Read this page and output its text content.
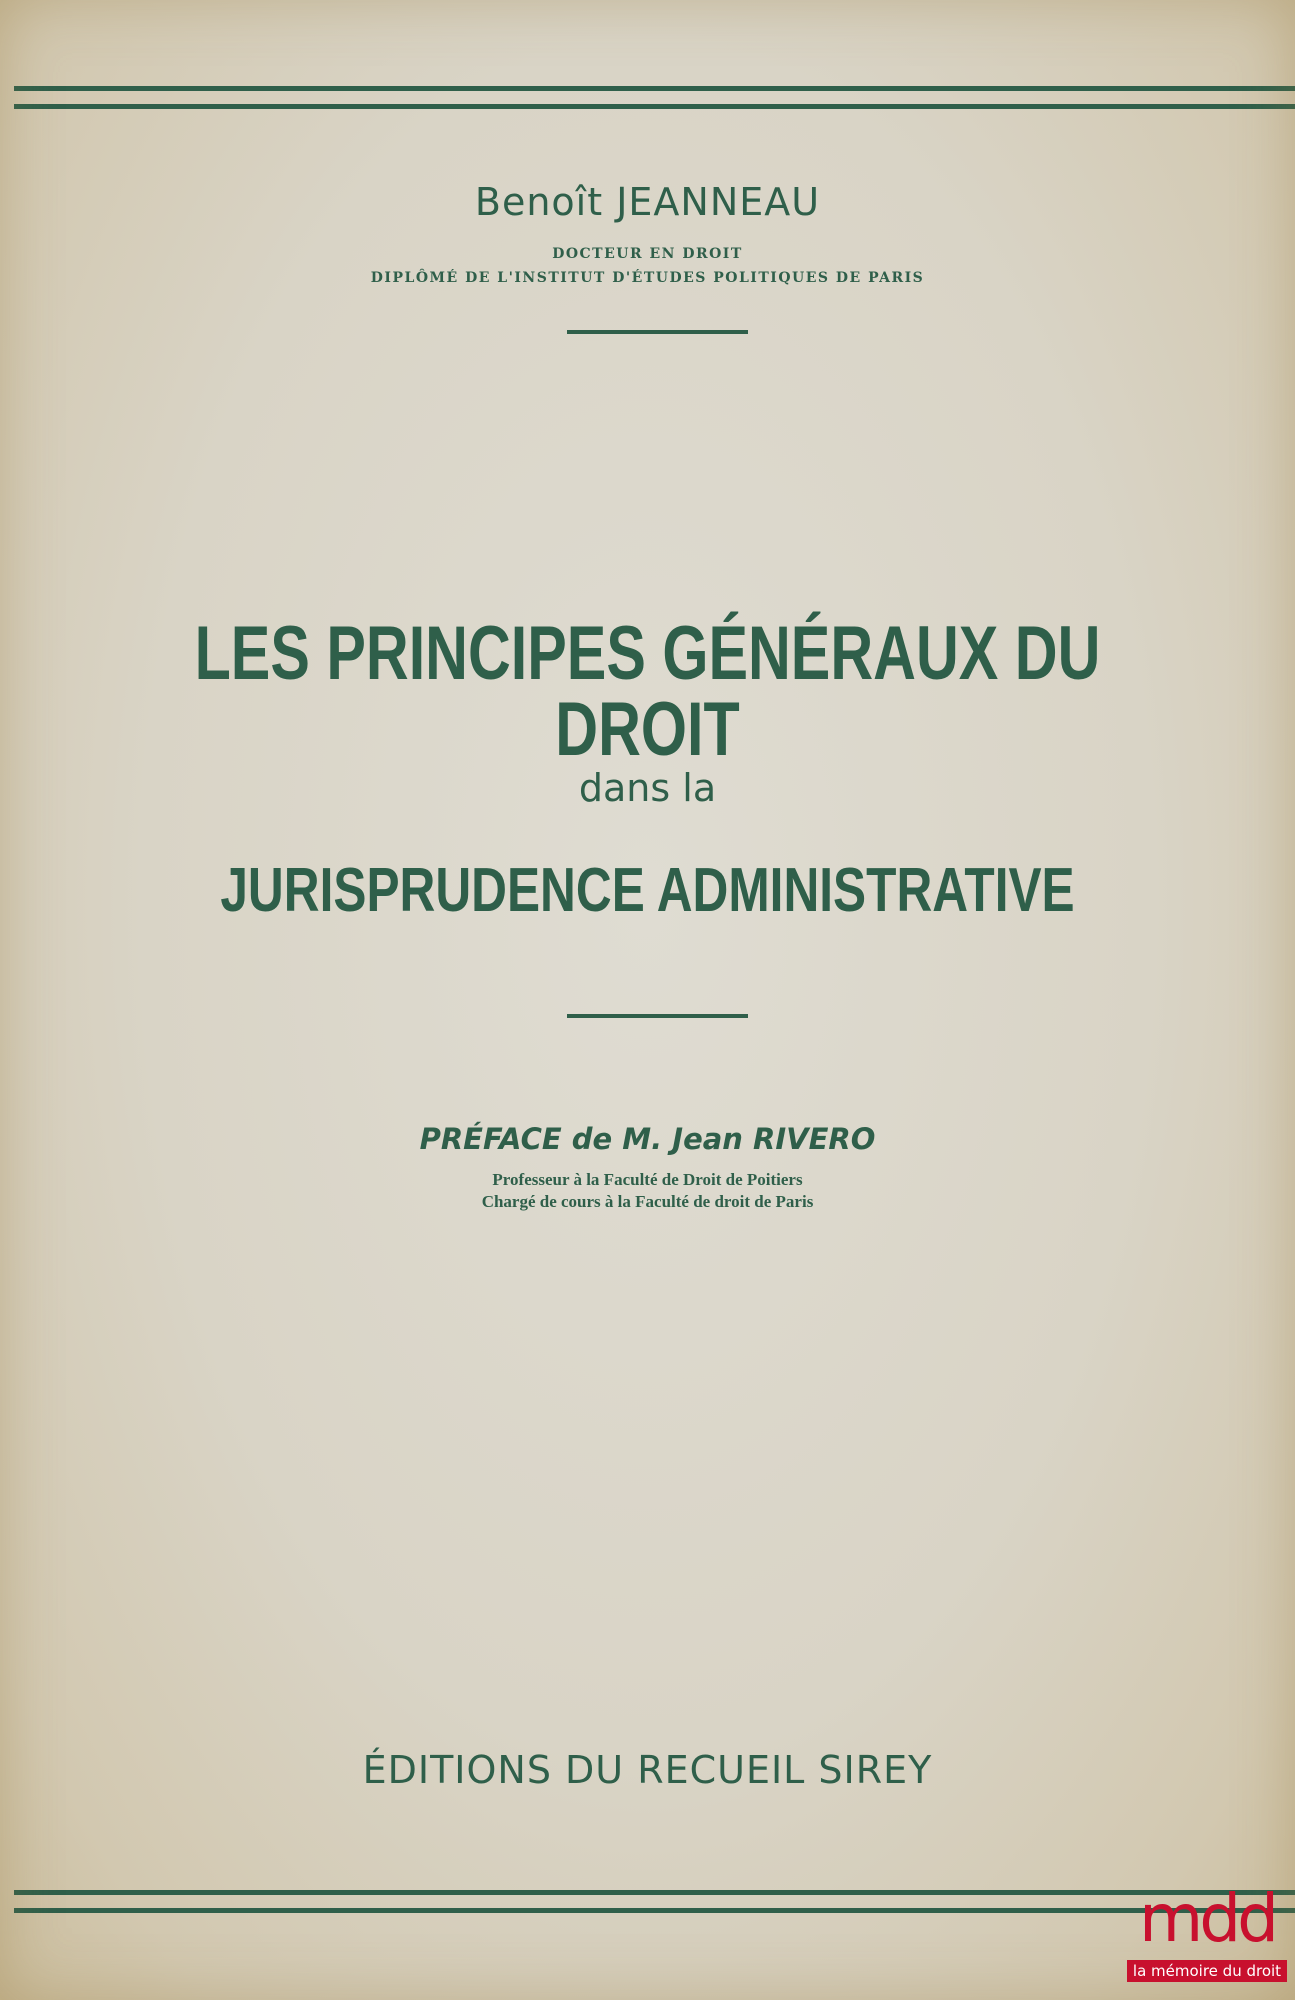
Benoît JEANNEAU
DOCTEUR EN DROIT
DIPLÔMÉ DE L'INSTITUT D'ÉTUDES POLITIQUES DE PARIS
LES PRINCIPES GÉNÉRAUX DU DROIT
dans la
JURISPRUDENCE ADMINISTRATIVE
PRÉFACE de M. Jean RIVERO
Professeur à la Faculté de Droit de Poitiers
Chargé de cours à la Faculté de droit de Paris
ÉDITIONS DU RECUEIL SIREY
mdd
la mémoire du droit
